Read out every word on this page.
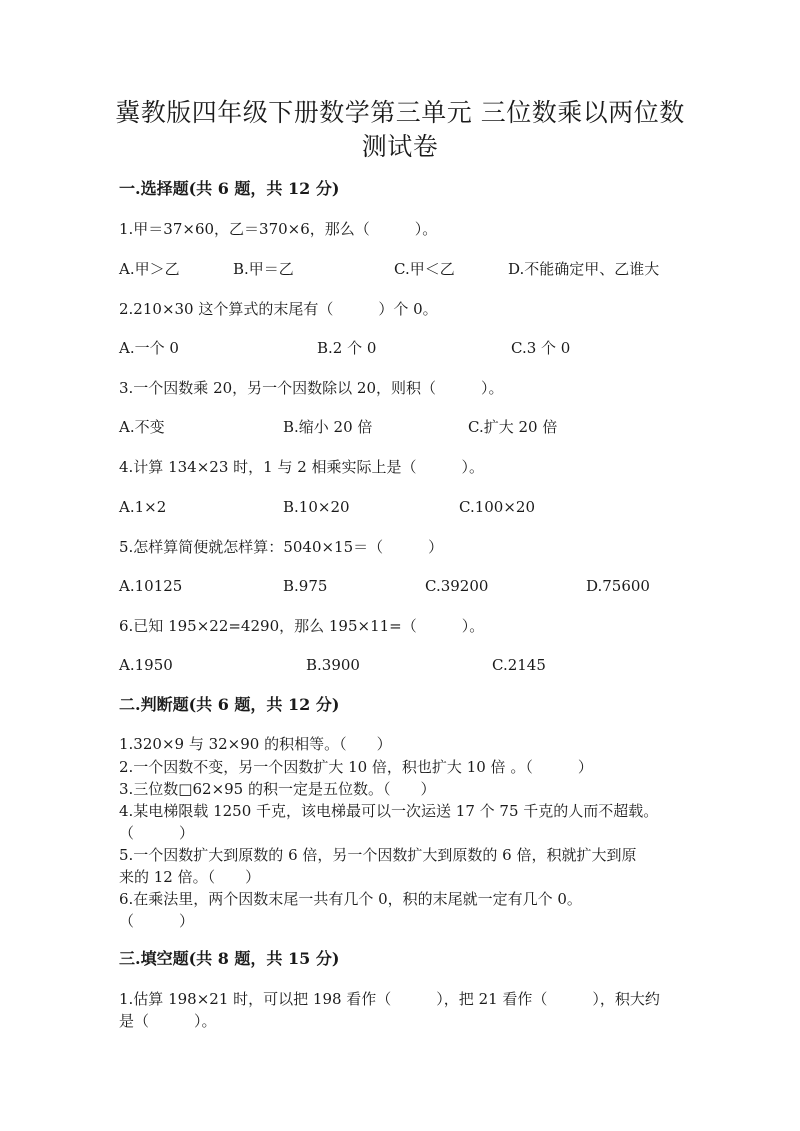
冀教版四年级下册数学第三单元 三位数乘以两位数
测试卷
一.选择题(共 6 题，共 12 分)
1.甲＝37×60，乙＝370×6，那么（　　　）。
A.甲＞乙	B.甲＝乙	C.甲＜乙	D.不能确定甲、乙谁大
2.210×30 这个算式的末尾有（　　　）个 0。
A.一个 0	B.2 个 0	C.3 个 0
3.一个因数乘 20，另一个因数除以 20，则积（　　　）。
A.不变	B.缩小 20 倍	C.扩大 20 倍
4.计算 134×23 时，1 与 2 相乘实际上是（　　　）。
A.1×2	B.10×20	C.100×20
5.怎样算简便就怎样算：5040×15＝（　　　）
A.10125	B.975	C.39200	D.75600
6.已知 195×22=4290，那么 195×11=（　　　）。
A.1950	B.3900	C.2145
二.判断题(共 6 题，共 12 分)
1.320×9 与 32×90 的积相等。（　　）
2.一个因数不变，另一个因数扩大 10 倍，积也扩大 10 倍 。（　　　）
3.三位数□62×95 的积一定是五位数。（　　）
4.某电梯限载 1250 千克，该电梯最可以一次运送 17 个 75 千克的人而不超载。
（　　　）
5.一个因数扩大到原数的 6 倍，另一个因数扩大到原数的 6 倍，积就扩大到原
来的 12 倍。（　　）
6.在乘法里，两个因数末尾一共有几个 0，积的末尾就一定有几个 0。
（　　　）
三.填空题(共 8 题，共 15 分)
1.估算 198×21 时，可以把 198 看作（　　　），把 21 看作（　　　），积大约
是（　　　）。
